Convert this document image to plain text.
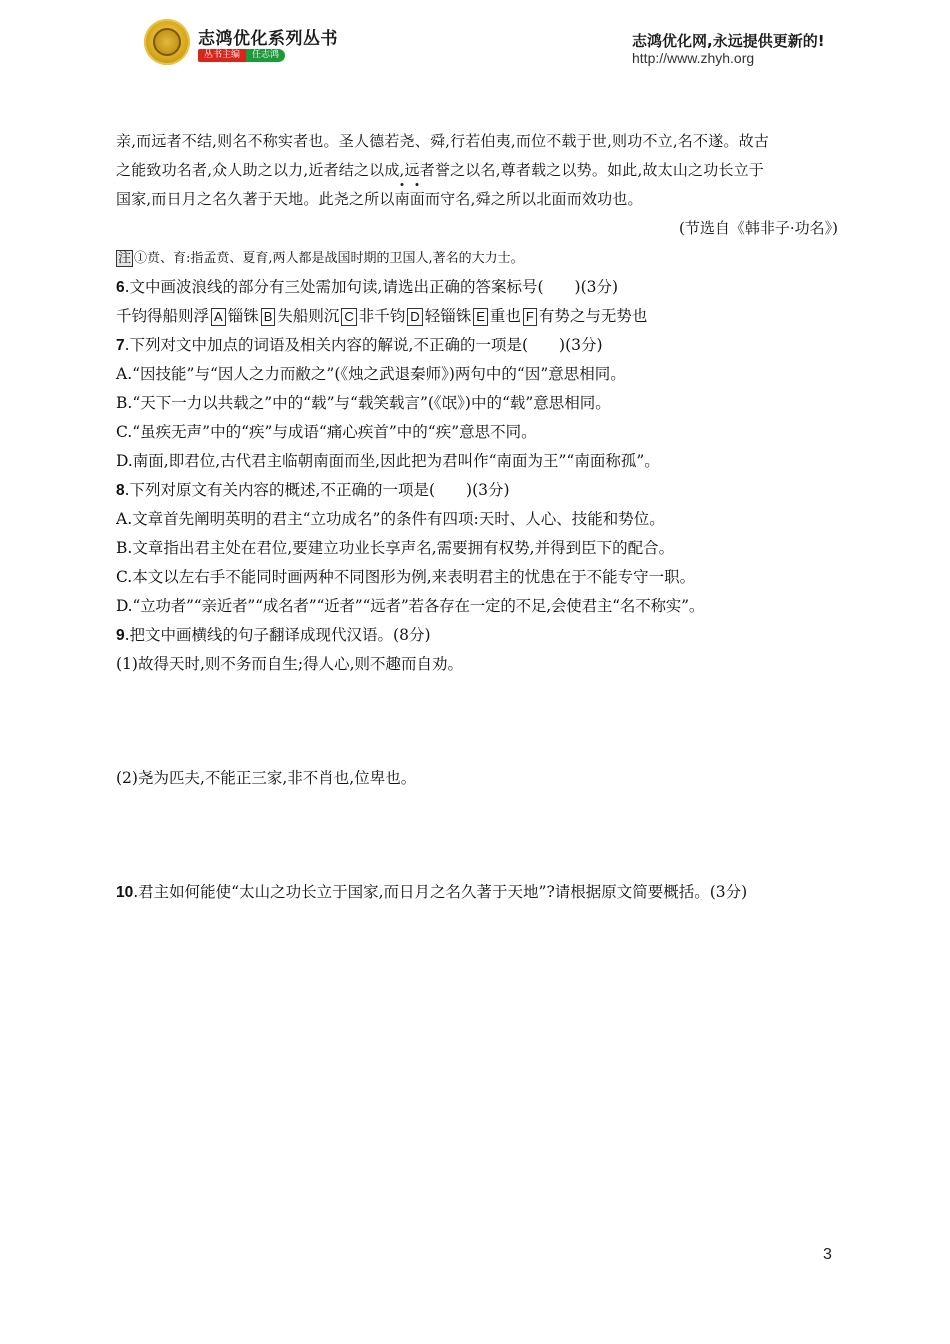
志鸿优化系列丛书
丛书主编	任志鸿
志鸿优化网,永远提供更新的!
http://www.zhyh.org
亲,而远者不结,则名不称实者也。圣人德若尧、舜,行若伯夷,而位不载于世,则功不立,名不遂。故古
之能致功名者,众人助之以力,近者结之以成,远者誉之以名,尊者载之以势。如此,故太山之功长立于
国家,而日月之名久著于天地。此尧之所以南面而守名,舜之所以北面而效功也。
(节选自《韩非子·功名》)
注 ①贲、育:指孟贲、夏育,两人都是战国时期的卫国人,著名的大力士。
6.文中画波浪线的部分有三处需加句读,请选出正确的答案标号(　　)(3分)
千钧得船则浮 A 锱铢 B 失船则沉 C 非千钧 D 轻锱铢 E 重也 F 有势之与无势也
7.下列对文中加点的词语及相关内容的解说,不正确的一项是(　　)(3分)
A.“因技能”与“因人之力而敝之”(《烛之武退秦师》)两句中的“因”意思相同。
B.“天下一力以共载之”中的“载”与“载笑载言”(《氓》)中的“载”意思相同。
C.“虽疾无声”中的“疾”与成语“痛心疾首”中的“疾”意思不同。
D.南面,即君位,古代君主临朝南面而坐,因此把为君叫作“南面为王”“南面称孤”。
8.下列对原文有关内容的概述,不正确的一项是(　　)(3分)
A.文章首先阐明英明的君主“立功成名”的条件有四项:天时、人心、技能和势位。
B.文章指出君主处在君位,要建立功业长享声名,需要拥有权势,并得到臣下的配合。
C.本文以左右手不能同时画两种不同图形为例,来表明君主的忧患在于不能专守一职。
D.“立功者”“亲近者”“成名者”“近者”“远者”若各存在一定的不足,会使君主“名不称实”。
9.把文中画横线的句子翻译成现代汉语。(8分)
(1)故得天时,则不务而自生;得人心,则不趣而自劝。
(2)尧为匹夫,不能正三家,非不肖也,位卑也。
10.君主如何能使“太山之功长立于国家,而日月之名久著于天地”?请根据原文简要概括。(3分)
3
